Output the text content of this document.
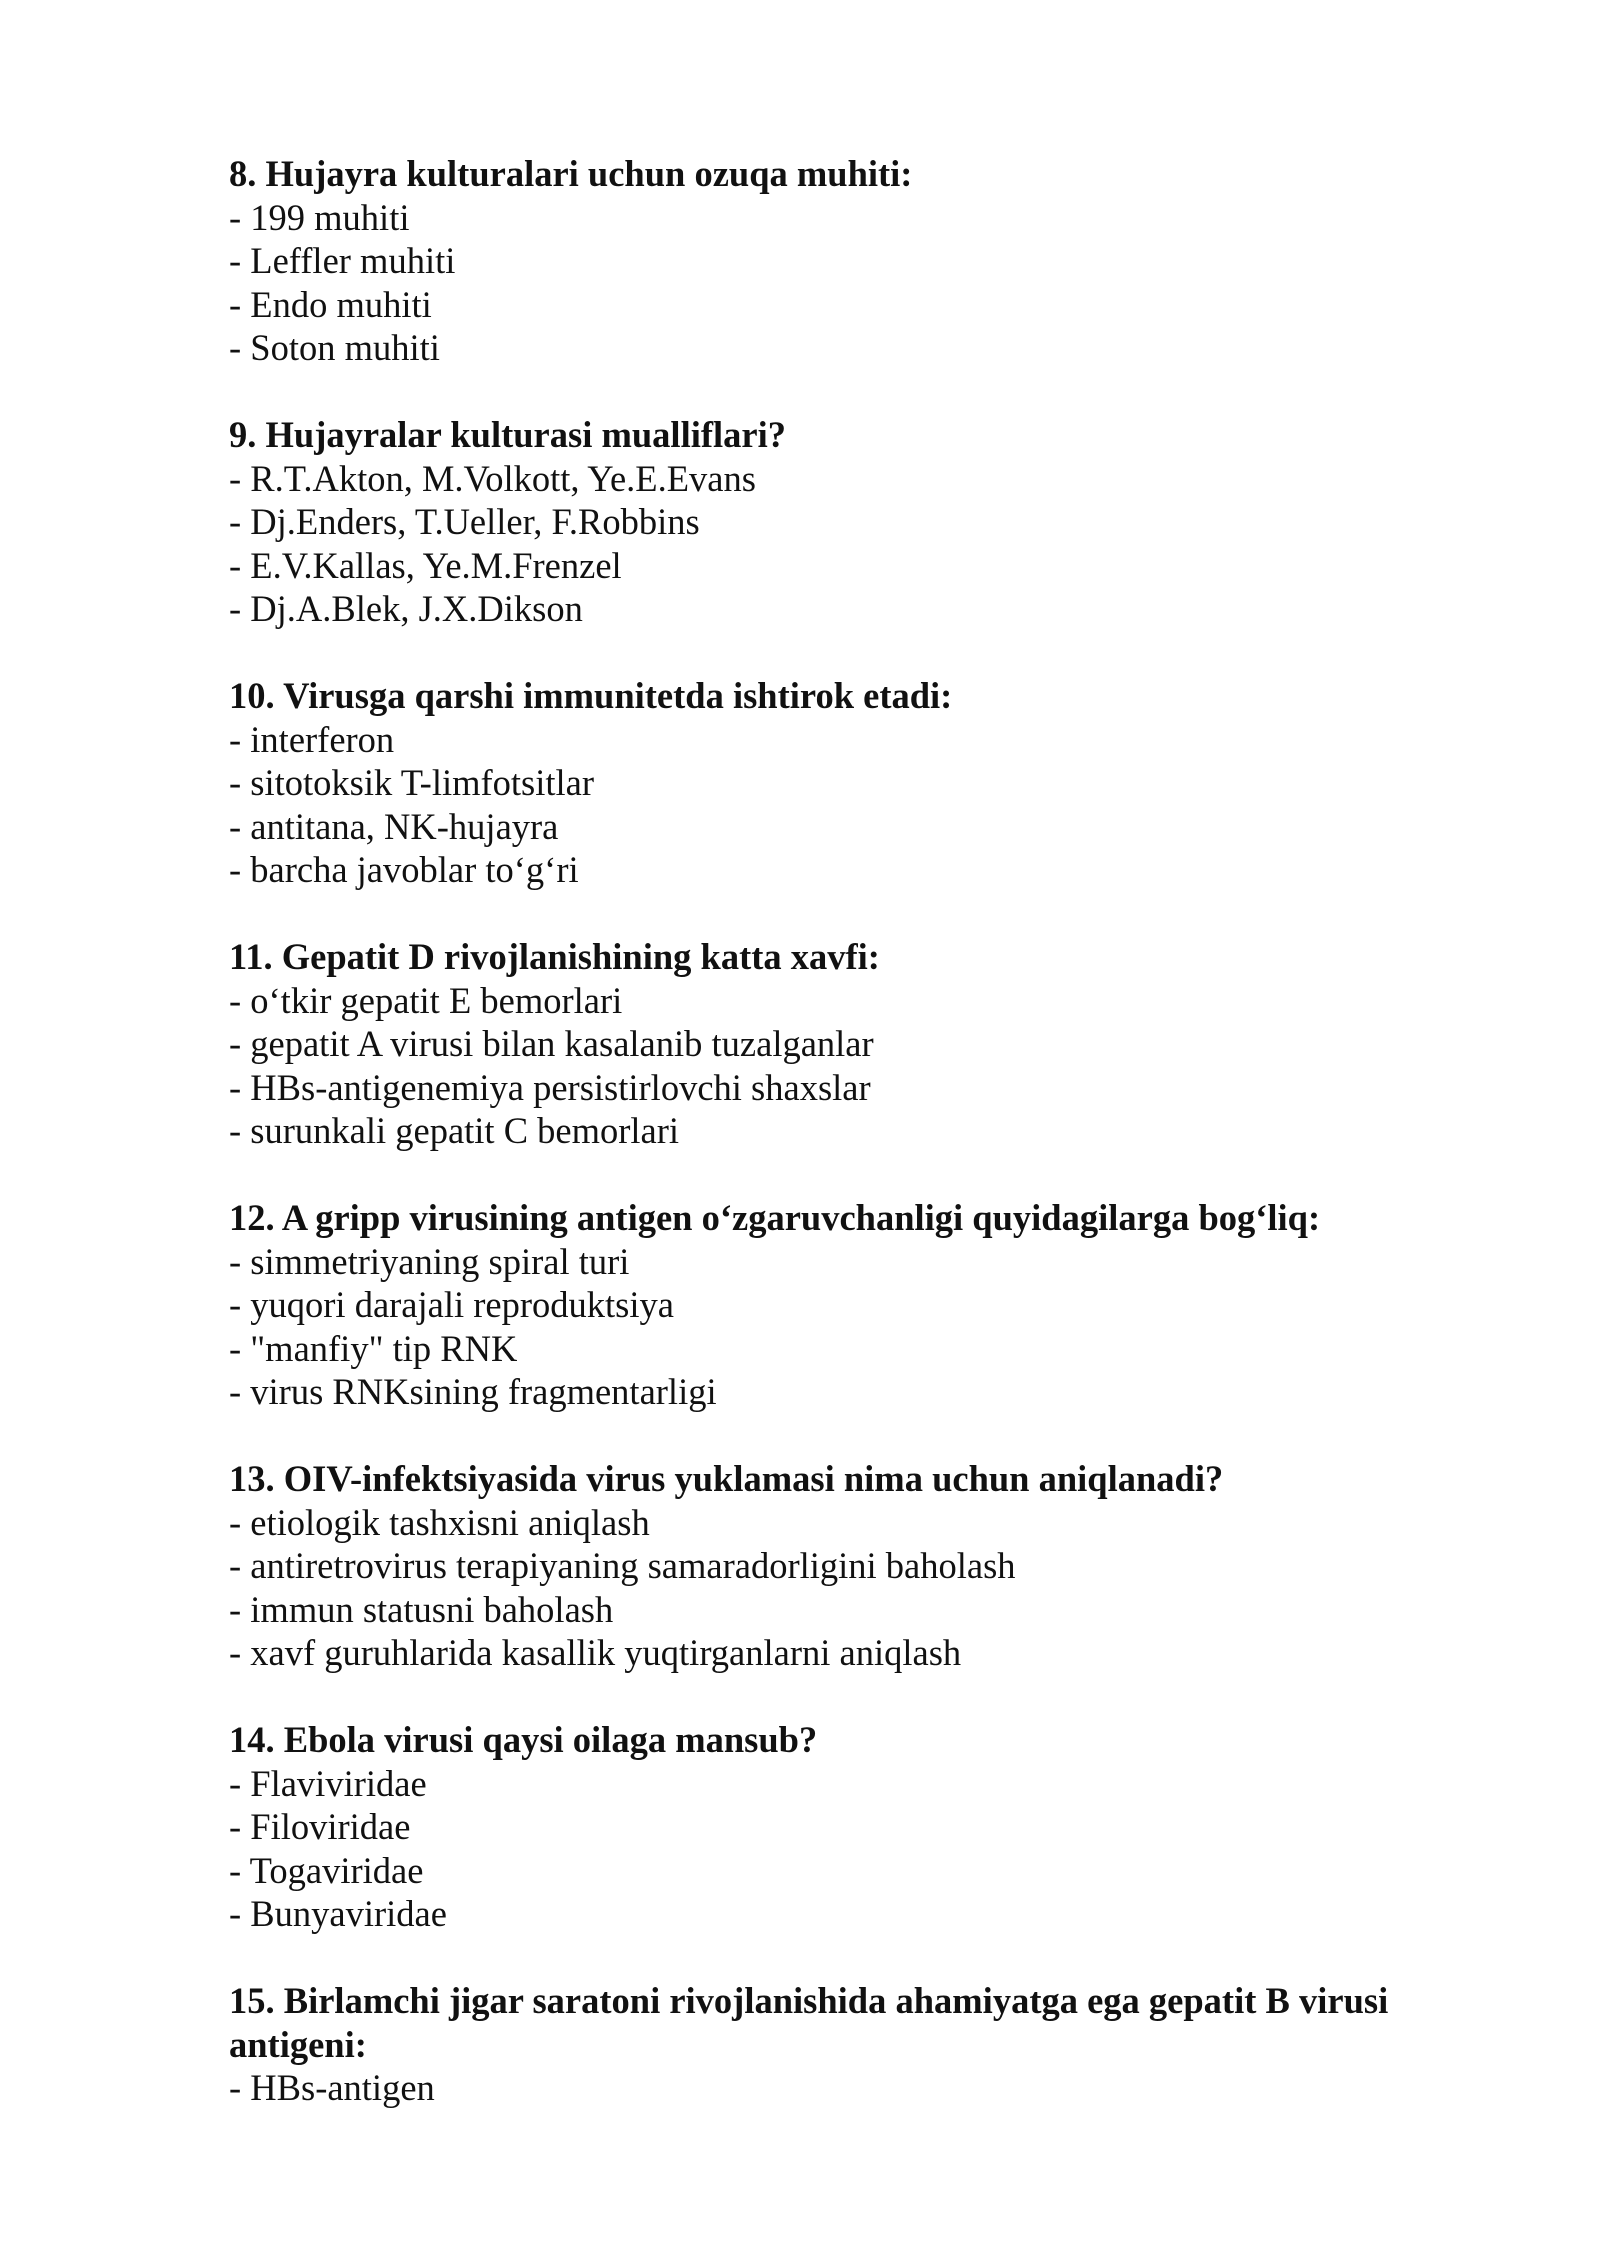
8. Hujayra kulturalari uchun ozuqa muhiti:

- 199 muhiti
- Leffler muhiti
- Endo muhiti
- Soton muhiti

9. Hujayralar kulturasi mualliflari?

- R.T.Akton, M.Volkott, Ye.E.Evans
- Dj.Enders, T.Ueller, F.Robbins
- E.V.Kallas, Ye.M.Frenzel
- Dj.A.Blek, J.X.Dikson

10. Virusga qarshi immunitetda ishtirok etadi:

- interferon
- sitotoksik T-limfotsitlar
- antitana, NK-hujayra
- barcha javoblar to‘g‘ri

11. Gepatit D rivojlanishining katta xavfi:

- o‘tkir gepatit E bemorlari
- gepatit A virusi bilan kasalanib tuzalganlar
- HBs-antigenemiya persistirlovchi shaxslar
- surunkali gepatit C bemorlari

12. A gripp virusining antigen o‘zgaruvchanligi quyidagilarga bog‘liq:

- simmetriyaning spiral turi
- yuqori darajali reproduktsiya
- "manfiy" tip RNK
- virus RNKsining fragmentarligi

13. OIV-infektsiyasida virus yuklamasi nima uchun aniqlanadi?

- etiologik tashxisni aniqlash
- antiretrovirus terapiyaning samaradorligini baholash
- immun statusni baholash
- xavf guruhlarida kasallik yuqtirganlarni aniqlash

14. Ebola virusi qaysi oilaga mansub?

- Flaviviridae
- Filoviridae
- Togaviridae
- Bunyaviridae

15. Birlamchi jigar saratoni rivojlanishida ahamiyatga ega gepatit B virusi antigeni:

- HBs-antigen
